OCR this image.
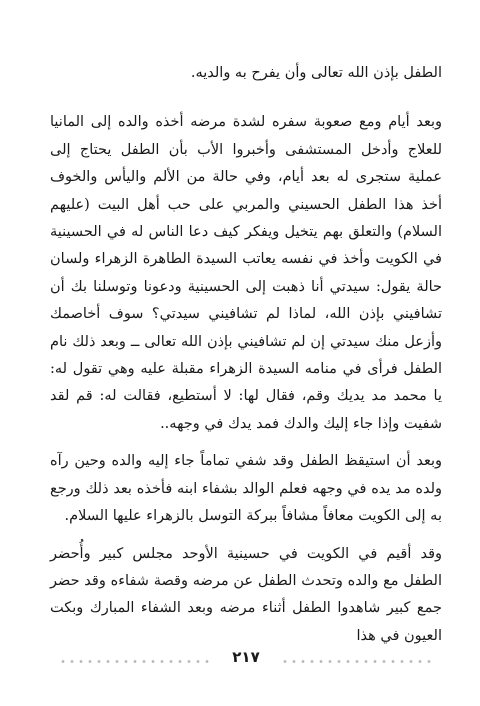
الطفل بإذن الله تعالى وأن يفرح به والديه.

وبعد أيام ومع صعوبة سفره لشدة مرضه أخذه والده إلى المانيا للعلاج وأدخل المستشفى وأخبروا الأب بأن الطفل يحتاج إلى عملية ستجرى له بعد أيام، وفي حالة من الألم واليأس والخوف أخذ هذا الطفل الحسيني والمربي على حب أهل البيت (عليهم السلام) والتعلق بهم يتخيل ويفكر كيف دعا الناس له في الحسينية في الكويت وأخذ في نفسه يعاتب السيدة الطاهرة الزهراء ولسان حالة يقول: سيدتي أنا ذهبت إلى الحسينية ودعونا وتوسلنا بك أن تشافيني بإذن الله، لماذا لم تشافيني سيدتي؟ سوف أخاصمك وأزعل منك سيدتي إن لم تشافيني بإذن الله تعالى ــ وبعد ذلك نام الطفل فرأى في منامه السيدة الزهراء مقبلة عليه وهي تقول له: يا محمد مد يديك وقم، فقال لها: لا أستطيع، فقالت له: قم لقد شفيت وإذا جاء إليك والدك فمد يدك في وجهه..

وبعد أن استيقظ الطفل وقد شفي تماماً جاء إليه والده وحين رآه ولده مد يده في وجهه فعلم الوالد بشفاء ابنه فأخذه بعد ذلك ورجع به إلى الكويت معافاً مشافاً ببركة التوسل بالزهراء عليها السلام.

وقد أقيم في الكويت في حسينية الأوحد مجلس كبير وأُحضر الطفل مع والده وتحدث الطفل عن مرضه وقصة شفاءه وقد حضر جمع كبير شاهدوا الطفل أثناء مرضه وبعد الشفاء المبارك وبكت العيون في هذا

٢١٧
